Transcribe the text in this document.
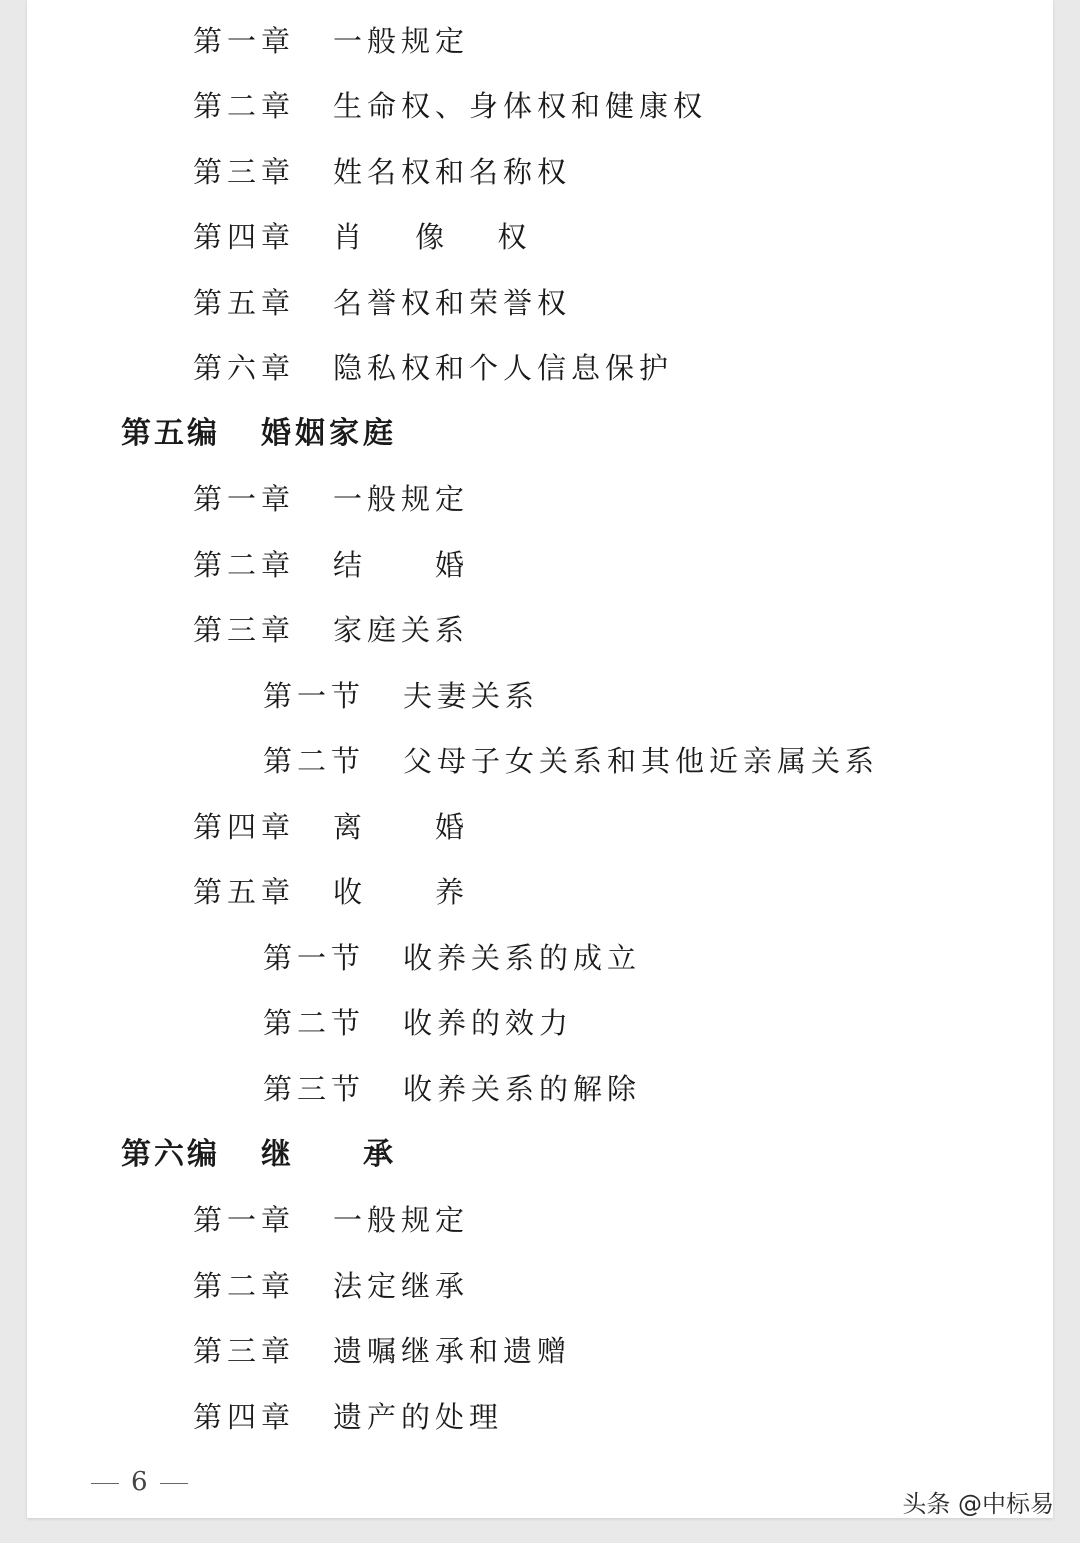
第一章 一般规定
第二章 生命权、身体权和健康权
第三章 姓名权和名称权
第四章 肖 像 权
第五章 名誉权和荣誉权
第六章 隐私权和个人信息保护
第五编 婚姻家庭
第一章 一般规定
第二章 结　　婚
第三章 家庭关系
第一节 夫妻关系
第二节 父母子女关系和其他近亲属关系
第四章 离　　婚
第五章 收　　养
第一节 收养关系的成立
第二节 收养的效力
第三节 收养关系的解除
第六编 继　　承
第一章 一般规定
第二章 法定继承
第三章 遗嘱继承和遗赠
第四章 遗产的处理
6
头条 @中标易
